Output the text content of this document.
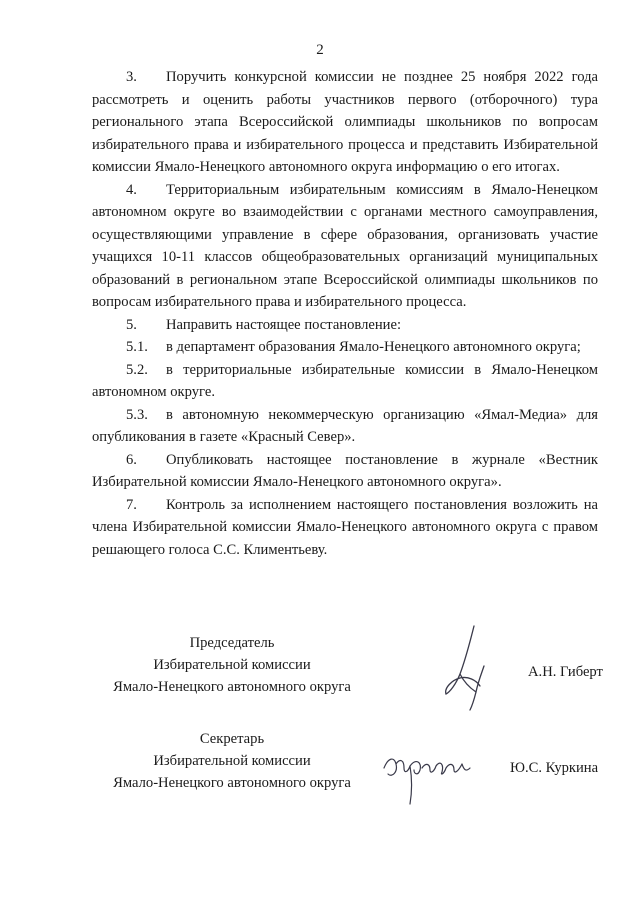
2

3. Поручить конкурсной комиссии не позднее 25 ноября 2022 года рассмотреть и оценить работы участников первого (отборочного) тура регионального этапа Всероссийской олимпиады школьников по вопросам избирательного права и избирательного процесса и представить Избирательной комиссии Ямало-Ненецкого автономного округа информацию о его итогах.

4. Территориальным избирательным комиссиям в Ямало-Ненецком автономном округе во взаимодействии с органами местного самоуправления, осуществляющими управление в сфере образования, организовать участие учащихся 10-11 классов общеобразовательных организаций муниципальных образований в региональном этапе Всероссийской олимпиады школьников по вопросам избирательного права и избирательного процесса.

5. Направить настоящее постановление:

5.1. в департамент образования Ямало-Ненецкого автономного округа;

5.2. в территориальные избирательные комиссии в Ямало-Ненецком автономном округе.

5.3. в автономную некоммерческую организацию «Ямал-Медиа» для опубликования в газете «Красный Север».

6. Опубликовать настоящее постановление в журнале «Вестник Избирательной комиссии Ямало-Ненецкого автономного округа».

7. Контроль за исполнением настоящего постановления возложить на члена Избирательной комиссии Ямало-Ненецкого автономного округа с правом решающего голоса С.С. Климентьеву.

Председатель
Избирательной комиссии
Ямало-Ненецкого автономного округа
А.Н. Гиберт
Секретарь
Избирательной комиссии
Ямало-Ненецкого автономного округа
Ю.С. Куркина
